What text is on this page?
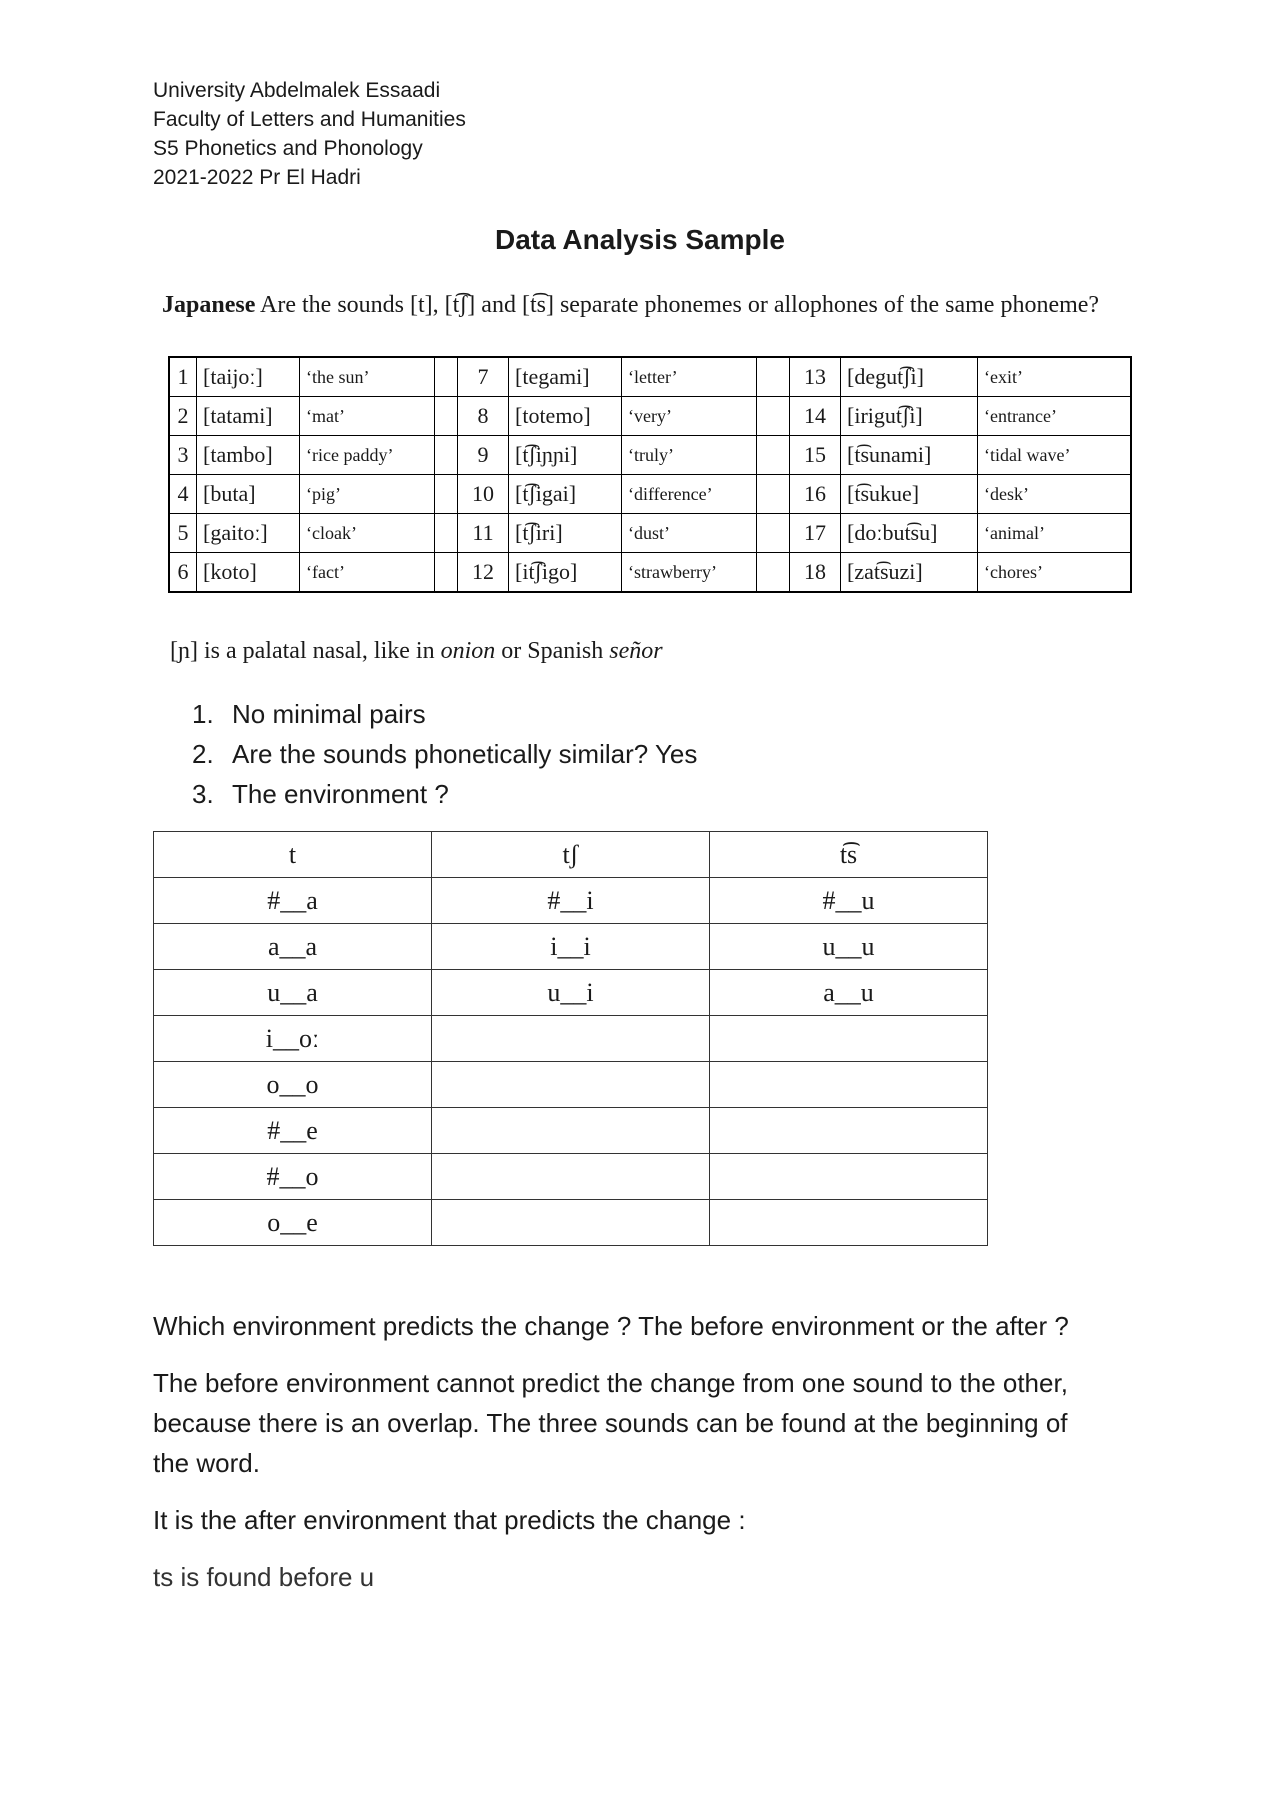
University Abdelmalek Essaadi
Faculty of Letters and Humanities
S5 Phonetics and Phonology
2021-2022 Pr El Hadri
Data Analysis Sample
Japanese Are the sounds [t], [t͡ʃ] and [t͡s] separate phonemes or allophones of the same phoneme?
1	[taijoː]	‘the sun’		7	[tegami]	‘letter’		13	[degut͡ʃi]	‘exit’
2	[tatami]	‘mat’		8	[totemo]	‘very’		14	[irigut͡ʃi]	‘entrance’
3	[tambo]	‘rice paddy’		9	[t͡ʃiɲɲi]	‘truly’		15	[t͡sunami]	‘tidal wave’
4	[buta]	‘pig’		10	[t͡ʃigai]	‘difference’		16	[t͡sukue]	‘desk’
5	[gaitoː]	‘cloak’		11	[t͡ʃiri]	‘dust’		17	[doːbut͡su]	‘animal’
6	[koto]	‘fact’		12	[it͡ʃigo]	‘strawberry’		18	[zat͡suzi]	‘chores’
[ɲ] is a palatal nasal, like in onion or Spanish señor
1. No minimal pairs
2. Are the sounds phonetically similar? Yes
3. The environment ?
t	tʃ	t͡s
#__a	#__i	#__u
a__a	i__i	u__u
u__a	u__i	a__u
i__oː		
o__o		
#__e		
#__o		
o__e		

Which environment predicts the change ? The before environment or the after ?

The before environment cannot predict the change from one sound to the other, because there is an overlap. The three sounds can be found at the beginning of the word.

It is the after environment that predicts the change :

ts is found before u
